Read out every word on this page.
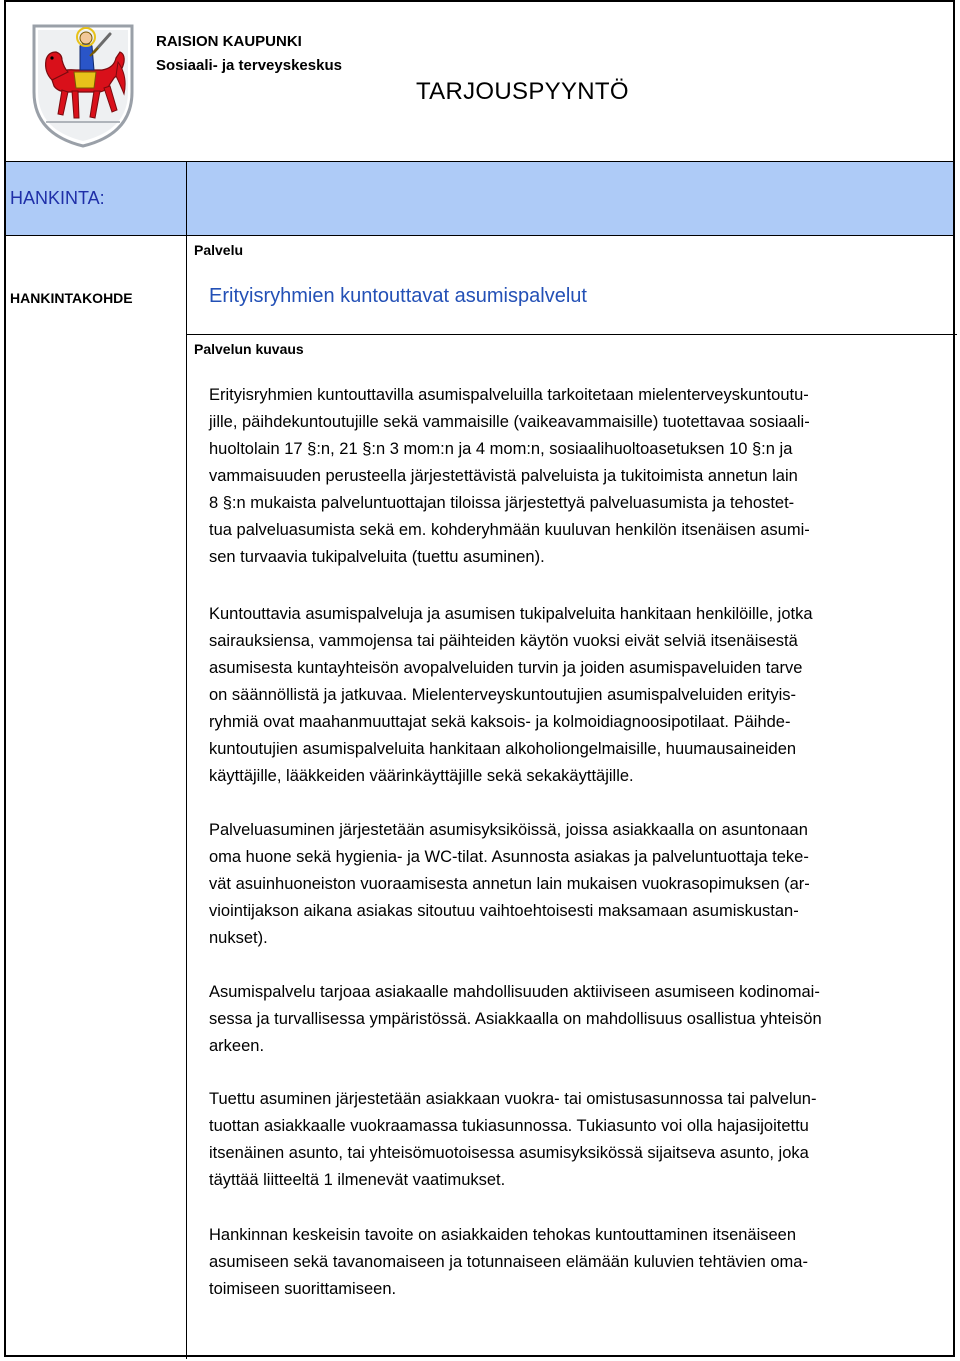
RAISION KAUPUNKI
Sosiaali- ja terveyskeskus
TARJOUSPYYNTÖ
HANKINTA:
Palvelu
HANKINTAKOHDE	Erityisryhmien kuntouttavat asumispalvelut
Palvelun kuvaus
Erityisryhmien kuntouttavilla asumispalveluilla tarkoitetaan mielenterveyskuntoutu-
jille, päihdekuntoutujille sekä vammaisille (vaikeavammaisille) tuotettavaa sosiaali-
huoltolain 17 §:n, 21 §:n 3 mom:n ja 4 mom:n, sosiaalihuoltoasetuksen 10 §:n ja
vammaisuuden perusteella järjestettävistä palveluista ja tukitoimista annetun lain
8 §:n mukaista palveluntuottajan tiloissa järjestettyä palveluasumista ja tehostet-
tua palveluasumista sekä em. kohderyhmään kuuluvan henkilön itsenäisen asumi-
sen turvaavia tukipalveluita (tuettu asuminen).
Kuntouttavia asumispalveluja ja asumisen tukipalveluita hankitaan henkilöille, jotka
sairauksiensa, vammojensa tai päihteiden käytön vuoksi eivät selviä itsenäisestä
asumisesta kuntayhteisön avopalveluiden turvin ja joiden asumispaveluiden tarve
on säännöllistä ja jatkuvaa. Mielenterveyskuntoutujien asumispalveluiden erityis-
ryhmiä ovat maahanmuuttajat sekä kaksois- ja kolmoidiagnoosipotilaat. Päihde-
kuntoutujien asumispalveluita hankitaan alkoholiongelmaisille, huumausaineiden
käyttäjille, lääkkeiden väärinkäyttäjille sekä sekakäyttäjille.
Palveluasuminen järjestetään asumisyksiköissä, joissa asiakkaalla on asuntonaan
oma huone sekä hygienia- ja WC-tilat. Asunnosta asiakas ja palveluntuottaja teke-
vät asuinhuoneiston vuoraamisesta annetun lain mukaisen vuokrasopimuksen (ar-
viointijakson aikana asiakas sitoutuu vaihtoehtoisesti maksamaan asumiskustan-
nukset).
Asumispalvelu tarjoaa asiakaalle mahdollisuuden aktiiviseen asumiseen kodinomai-
sessa ja turvallisessa ympäristössä. Asiakkaalla on mahdollisuus osallistua yhteisön
arkeen.
Tuettu asuminen järjestetään asiakkaan vuokra- tai omistusasunnossa tai palvelun-
tuottan asiakkaalle vuokraamassa tukiasunnossa. Tukiasunto voi olla hajasijoitettu
itsenäinen asunto, tai yhteisömuotoisessa asumisyksikössä sijaitseva asunto, joka
täyttää liitteeltä 1 ilmenevät vaatimukset.
Hankinnan keskeisin tavoite on asiakkaiden tehokas kuntouttaminen itsenäiseen
asumiseen sekä tavanomaiseen ja totunnaiseen elämään kuluvien tehtävien oma-
toimiseen suorittamiseen.
